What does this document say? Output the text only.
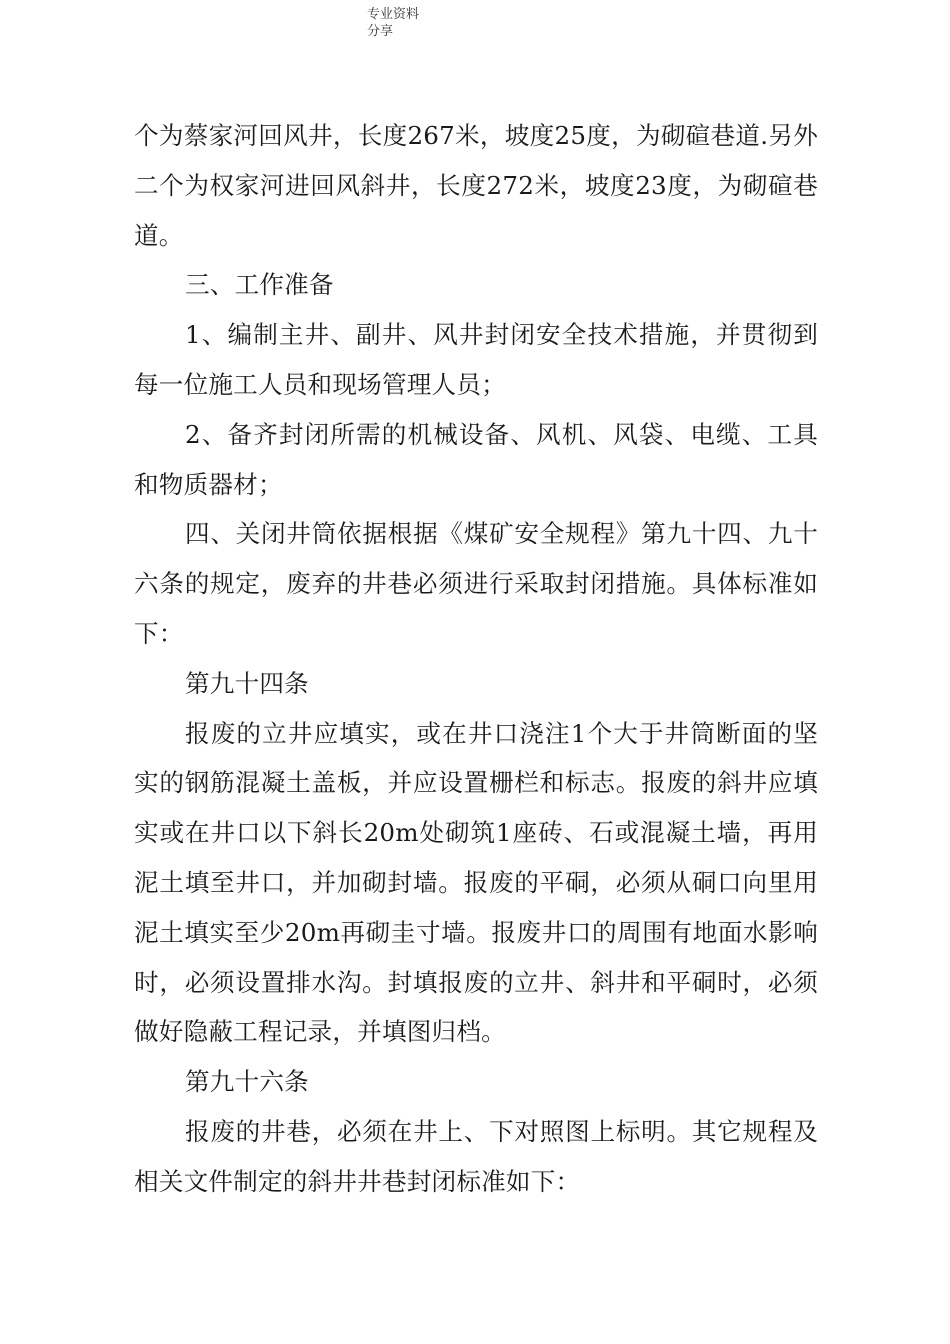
专业资料分享

个为蔡家河回风井，长度267米，坡度25度，为砌碹巷道.另外二个为权家河进回风斜井，长度272米，坡度23度，为砌碹巷道。

三、工作准备

1、编制主井、副井、风井封闭安全技术措施，并贯彻到每一位施工人员和现场管理人员；

2、备齐封闭所需的机械设备、风机、风袋、电缆、工具和物质器材；

四、关闭井筒依据根据《煤矿安全规程》第九十四、九十六条的规定，废弃的井巷必须进行采取封闭措施。具体标准如下：

第九十四条

报废的立井应填实，或在井口浇注1个大于井筒断面的坚实的钢筋混凝土盖板，并应设置栅栏和标志。报废的斜井应填实或在井口以下斜长20m处砌筑1座砖、石或混凝土墙，再用泥土填至井口，并加砌封墙。报废的平硐，必须从硐口向里用泥土填实至少20m再砌圭寸墙。报废井口的周围有地面水影响时，必须设置排水沟。封填报废的立井、斜井和平硐时，必须做好隐蔽工程记录，并填图归档。

第九十六条

报废的井巷，必须在井上、下对照图上标明。其它规程及相关文件制定的斜井井巷封闭标准如下：
